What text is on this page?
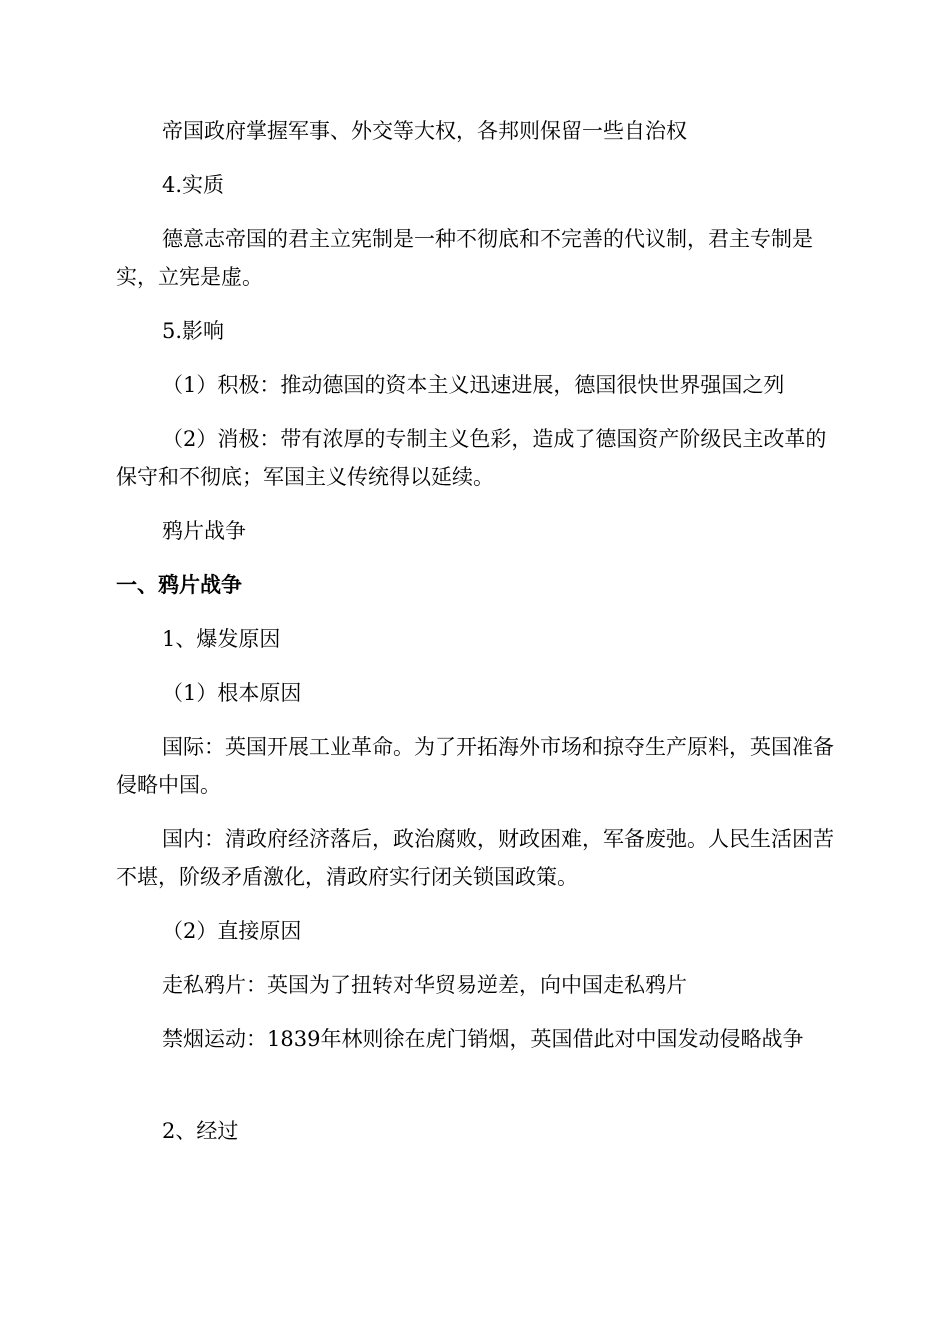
帝国政府掌握军事、外交等大权，各邦则保留一些自治权

4.实质

德意志帝国的君主立宪制是一种不彻底和不完善的代议制，君主专制是实，立宪是虚。

5.影响

（1）积极：推动德国的资本主义迅速进展，德国很快世界强国之列

（2）消极：带有浓厚的专制主义色彩，造成了德国资产阶级民主改革的保守和不彻底；军国主义传统得以延续。

鸦片战争

一、鸦片战争

1、爆发原因

（1）根本原因

国际：英国开展工业革命。为了开拓海外市场和掠夺生产原料，英国准备侵略中国。

国内：清政府经济落后，政治腐败，财政困难，军备废弛。人民生活困苦不堪，阶级矛盾激化，清政府实行闭关锁国政策。

（2）直接原因

走私鸦片：英国为了扭转对华贸易逆差，向中国走私鸦片

禁烟运动：1839年林则徐在虎门销烟，英国借此对中国发动侵略战争

2、经过
